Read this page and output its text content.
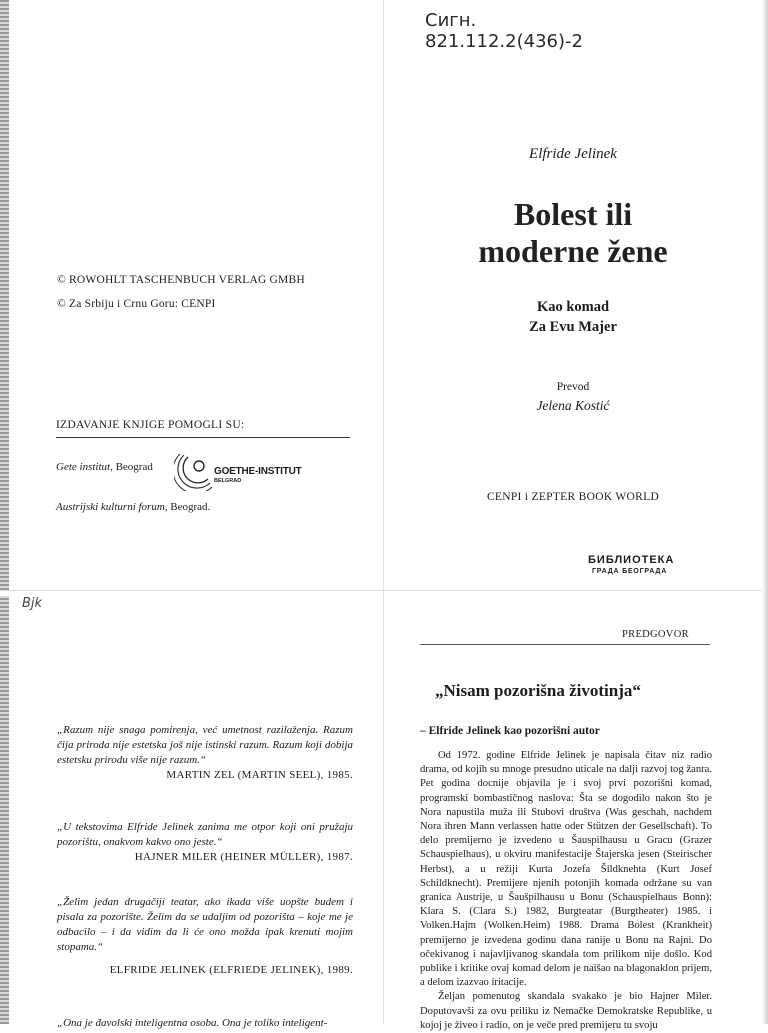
© ROWOHLT TASCHENBUCH VERLAG GMBH
© Za Srbiju i Crnu Goru: CENPI
IZDAVANJE KNJIGE POMOGLI SU:
Gete institut, Beograd	GOETHE-INSTITUT
BELGRAD
Austrijski kulturni forum, Beograd.
Сигн. 821.112.2(436)-2
Elfride Jelinek
Bolest ili
moderne žene
Kao komad
Za Evu Majer
Prevod
Jelena Kostić
CENPI i ZEPTER BOOK WORLD
БИБЛИОТЕКА
ГРАДА БЕОГРАДА
Bjk
„Razum nije snaga pomirenja, već umetnost razilaženja. Razum čija priroda nije estetska još nije istinski razum. Razum koji dobija estetsku prirodu više nije razum.“
MARTIN ZEL (MARTIN SEEL), 1985.
„U tekstovima Elfride Jelinek zanima me otpor koji oni pružaju pozorištu, onakvom kakvo ono jeste.“
HAJNER MILER (HEINER MÜLLER), 1987.
„Želim jedan drugačiji teatar, ako ikada više uopšte budem i pisala za pozorište. Želim da se udaljim od pozorišta – koje me je odbacilo – i da vidim da li će ono možda ipak krenuti mojim stopama.“
ELFRIDE JELINEK (ELFRIEDE JELINEK), 1989.
„Ona je đavolski inteligentna osoba. Ona je toliko inteligent-
PREDGOVOR
„Nisam pozorišna životinja“
– Elfride Jelinek kao pozorišni autor

Od 1972. godine Elfride Jelinek je napisala čitav niz radio drama, od kojih su mnoge presudno uticale na dalji razvoj tog žanra. Pet godina docnije objavila je i svoj prvi pozorišni komad, programski bombastičnog naslova: Šta se dogodilo nakon što je Nora napustila muža ili Stubovi društva (Was geschah, nachdem Nora ihren Mann verlassen hatte oder Stützen der Gesellschaft). To delo premijerno je izvedeno u Šauspilhausu u Gracu (Grazer Schauspielhaus), u okviru manifestacije Štajerska jesen (Steirischer Herbst), a u režiji Kurta Jozefa Šildknehta (Kurt Josef Schildknecht). Premijere njenih potonjih komada održane su van granica Austrije, u Šaušpilhausu u Bonu (Schauspielhaus Bonn): Klara S. (Clara S.) 1982, Burgteatar (Burgtheater) 1985. i Volken.Hajm (Wolken.Heim) 1988. Drama Bolest (Krankheit) premijerno je izvedena godinu dana ranije u Bonu na Rajni. Do očekivanog i najavljivanog skandala tom prilikom nije došlo. Kod publike i kritike ovaj komad delom je naišao na blagonaklon prijem, a delom izazvao iritacije.

Željan pomenutog skandala svakako je bio Hajner Miler. Doputovavši za ovu priliku iz Nemačke Demokratske Republike, u kojoj je živeo i radio, on je veče pred premijeru tu svoju
